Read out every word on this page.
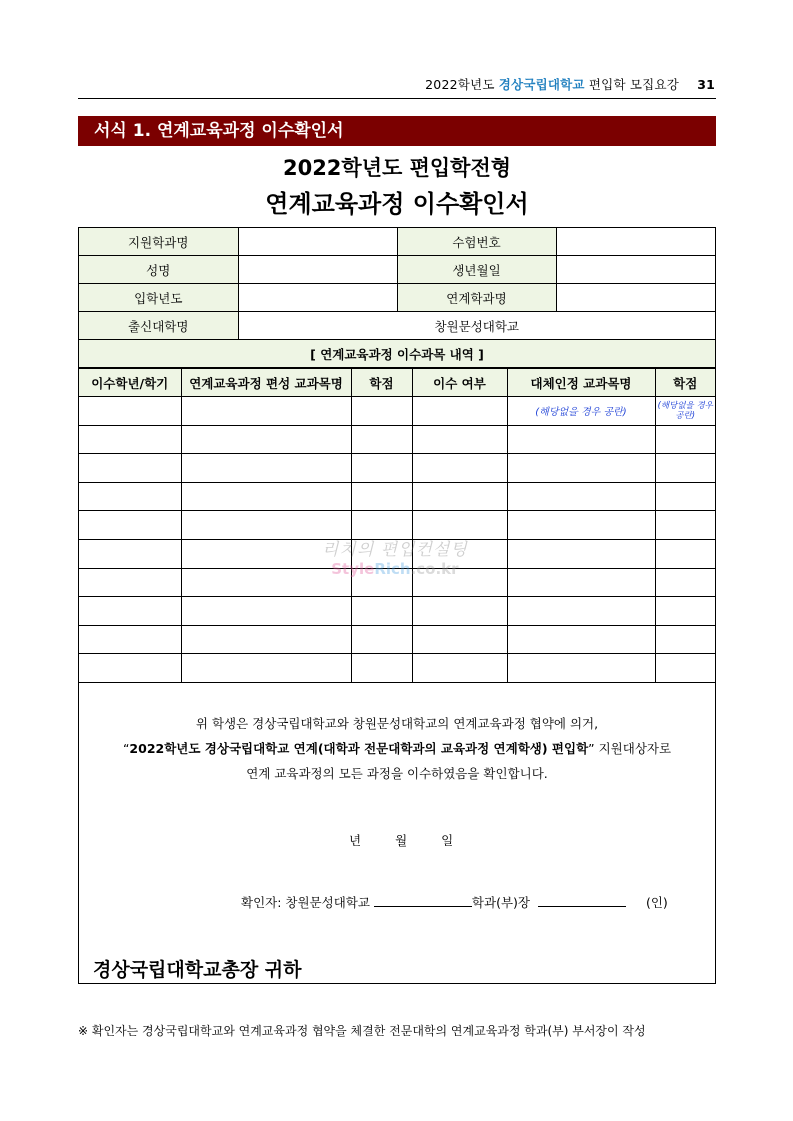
2022학년도 경상국립대학교 편입학 모집요강 31
서식 1. 연계교육과정 이수확인서
2022학년도 편입학전형
연계교육과정 이수확인서
지원학과명		수험번호	
성명		생년월일	
입학년도		연계학과명	
출신대학명	창원문성대학교		
[ 연계교육과정 이수과목 내역 ]			
이수학년/학기	연계교육과정 편성 교과목명	학점	이수 여부	대체인정 교과목명	학점
				(해당없을 경우 공란)	(해당없을 경우 공란)

위 학생은 경상국립대학교와 창원문성대학교의 연계교육과정 협약에 의거,
“2022학년도 경상국립대학교 연계(대학과 전문대학과의 교육과정 연계학생) 편입학” 지원대상자로
연계 교육과정의 모든 과정을 이수하였음을 확인합니다.
년	월	일
확인자: 창원문성대학교	학과(부)장	(인)
경상국립대학교총장 귀하
리치의 편입컨설팅
StyleRich.co.kr
※ 확인자는 경상국립대학교와 연계교육과정 협약을 체결한 전문대학의 연계교육과정 학과(부) 부서장이 작성
